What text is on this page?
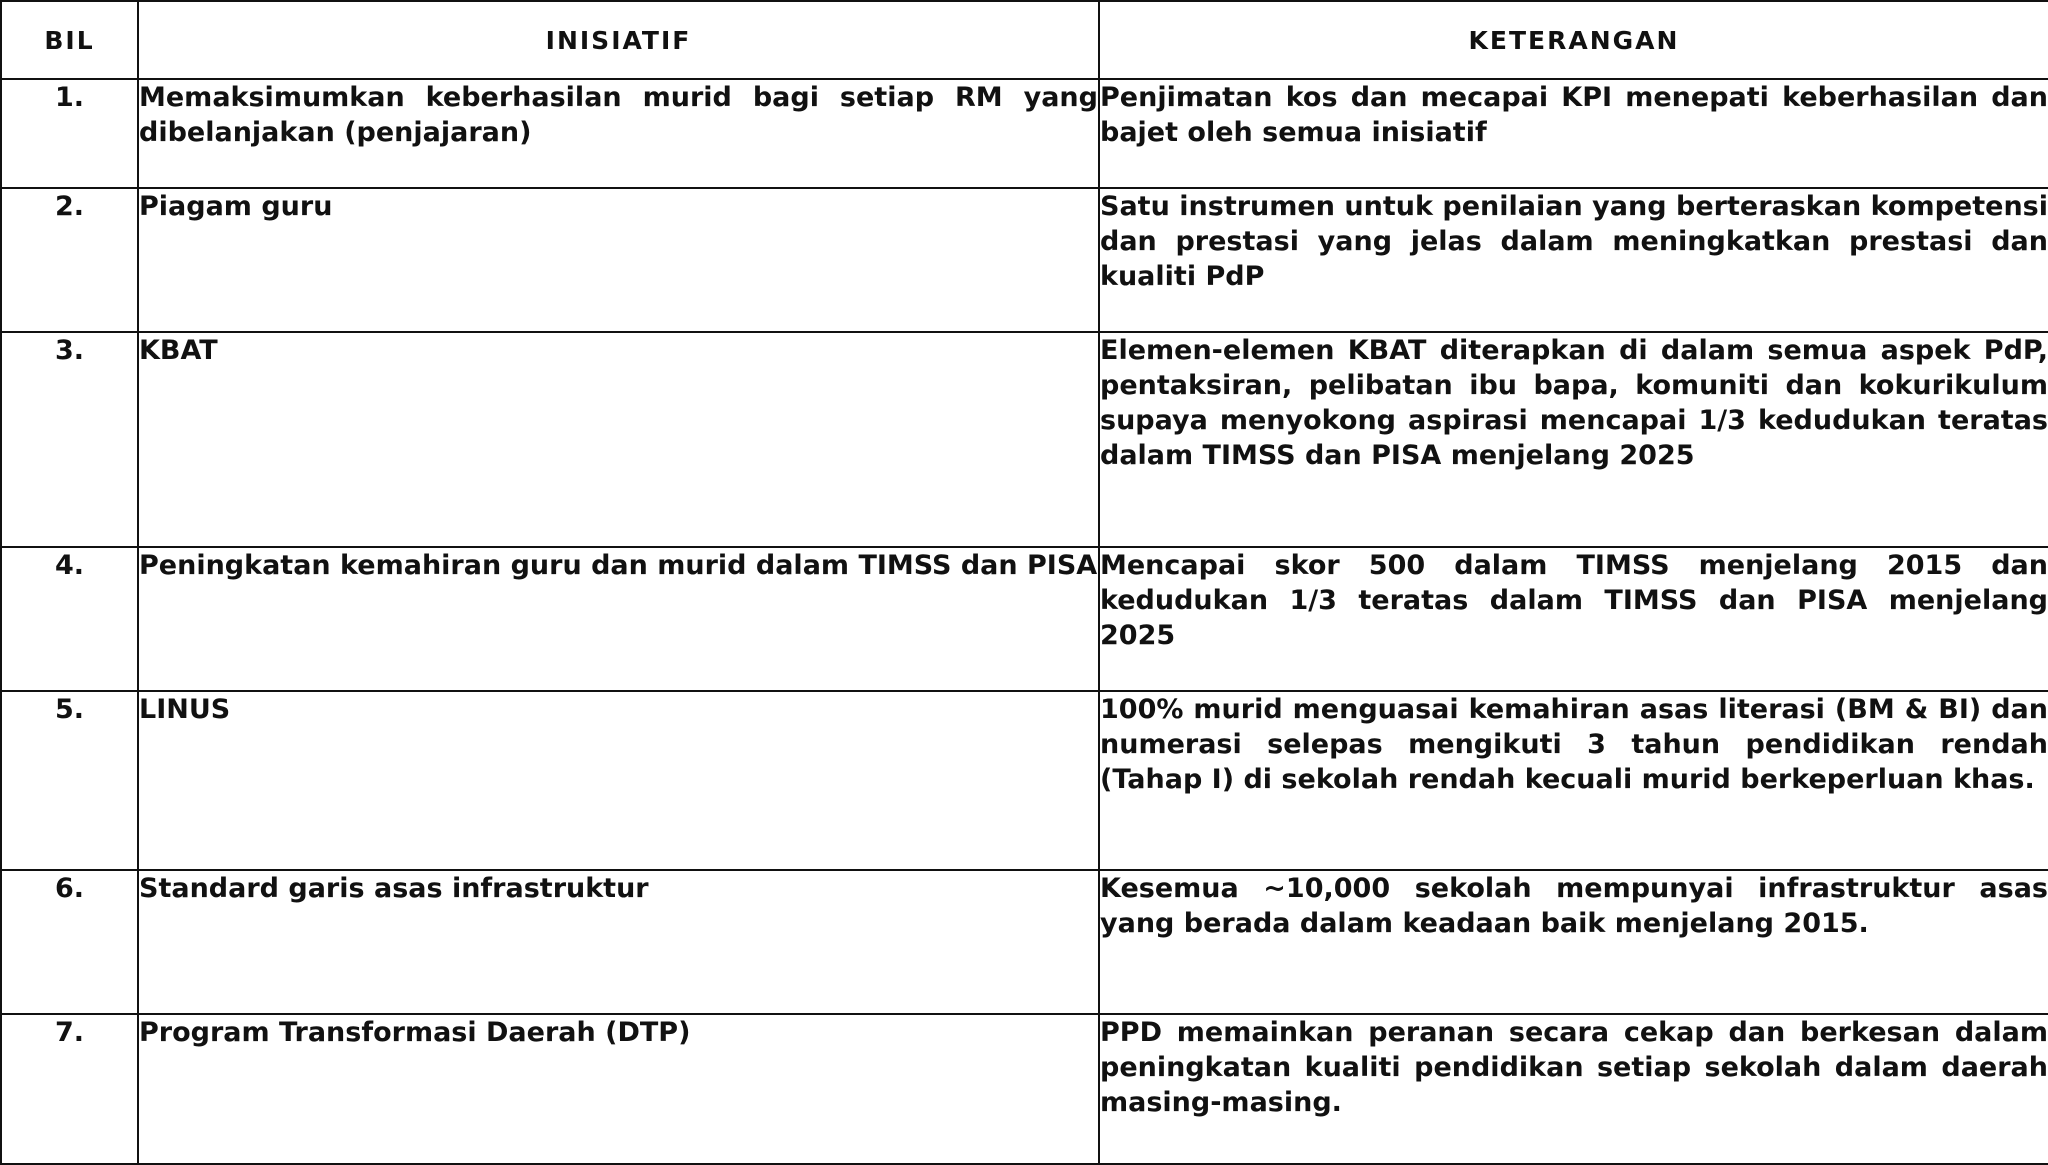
BIL	INISIATIF	KETERANGAN
1.	Memaksimumkan keberhasilan murid bagi setiap RM yang dibelanjakan (penjajaran)	Penjimatan kos dan mecapai KPI menepati keberhasilan dan bajet oleh semua inisiatif
2.	Piagam guru	Satu instrumen untuk penilaian yang berteraskan kompetensi dan prestasi yang jelas dalam meningkatkan prestasi dan kualiti PdP
3.	KBAT	Elemen-elemen KBAT diterapkan di dalam semua aspek PdP, pentaksiran, pelibatan ibu bapa, komuniti dan kokurikulum supaya menyokong aspirasi mencapai 1/3 kedudukan teratas dalam TIMSS dan PISA menjelang 2025
4.	Peningkatan kemahiran guru dan murid dalam TIMSS dan PISA	Mencapai skor 500 dalam TIMSS menjelang 2015 dan kedudukan 1/3 teratas dalam TIMSS dan PISA menjelang 2025
5.	LINUS	100% murid menguasai kemahiran asas literasi (BM & BI) dan numerasi selepas mengikuti 3 tahun pendidikan rendah (Tahap I) di sekolah rendah kecuali murid berkeperluan khas.
6.	Standard garis asas infrastruktur	Kesemua ~10,000 sekolah mempunyai infrastruktur asas yang berada dalam keadaan baik menjelang 2015.
7.	Program Transformasi Daerah (DTP)	PPD memainkan peranan secara cekap dan berkesan dalam peningkatan kualiti pendidikan setiap sekolah dalam daerah masing-masing.
